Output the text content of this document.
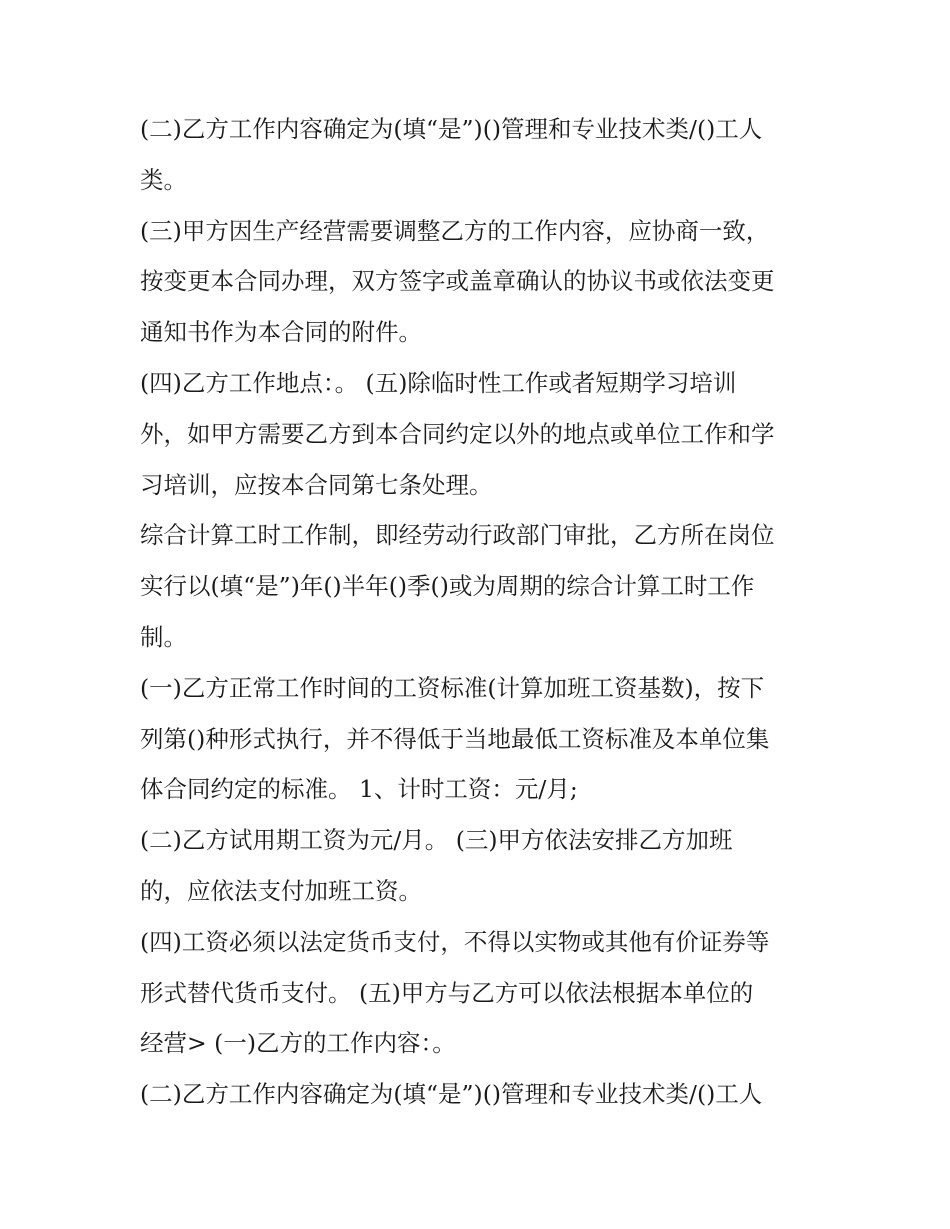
(二)乙方工作内容确定为(填“是”)()管理和专业技术类/()工人
类。
(三)甲方因生产经营需要调整乙方的工作内容，应协商一致，
按变更本合同办理，双方签字或盖章确认的协议书或依法变更
通知书作为本合同的附件。
(四)乙方工作地点：。 (五)除临时性工作或者短期学习培训
外，如甲方需要乙方到本合同约定以外的地点或单位工作和学
习培训，应按本合同第七条处理。
综合计算工时工作制，即经劳动行政部门审批，乙方所在岗位
实行以(填“是”)年()半年()季()或为周期的综合计算工时工作
制。
(一)乙方正常工作时间的工资标准(计算加班工资基数)，按下
列第()种形式执行，并不得低于当地最低工资标准及本单位集
体合同约定的标准。 1、计时工资：元/月;
(二)乙方试用期工资为元/月。 (三)甲方依法安排乙方加班
的，应依法支付加班工资。
(四)工资必须以法定货币支付，不得以实物或其他有价证券等
形式替代货币支付。 (五)甲方与乙方可以依法根据本单位的
经营> (一)乙方的工作内容：。
(二)乙方工作内容确定为(填“是”)()管理和专业技术类/()工人
